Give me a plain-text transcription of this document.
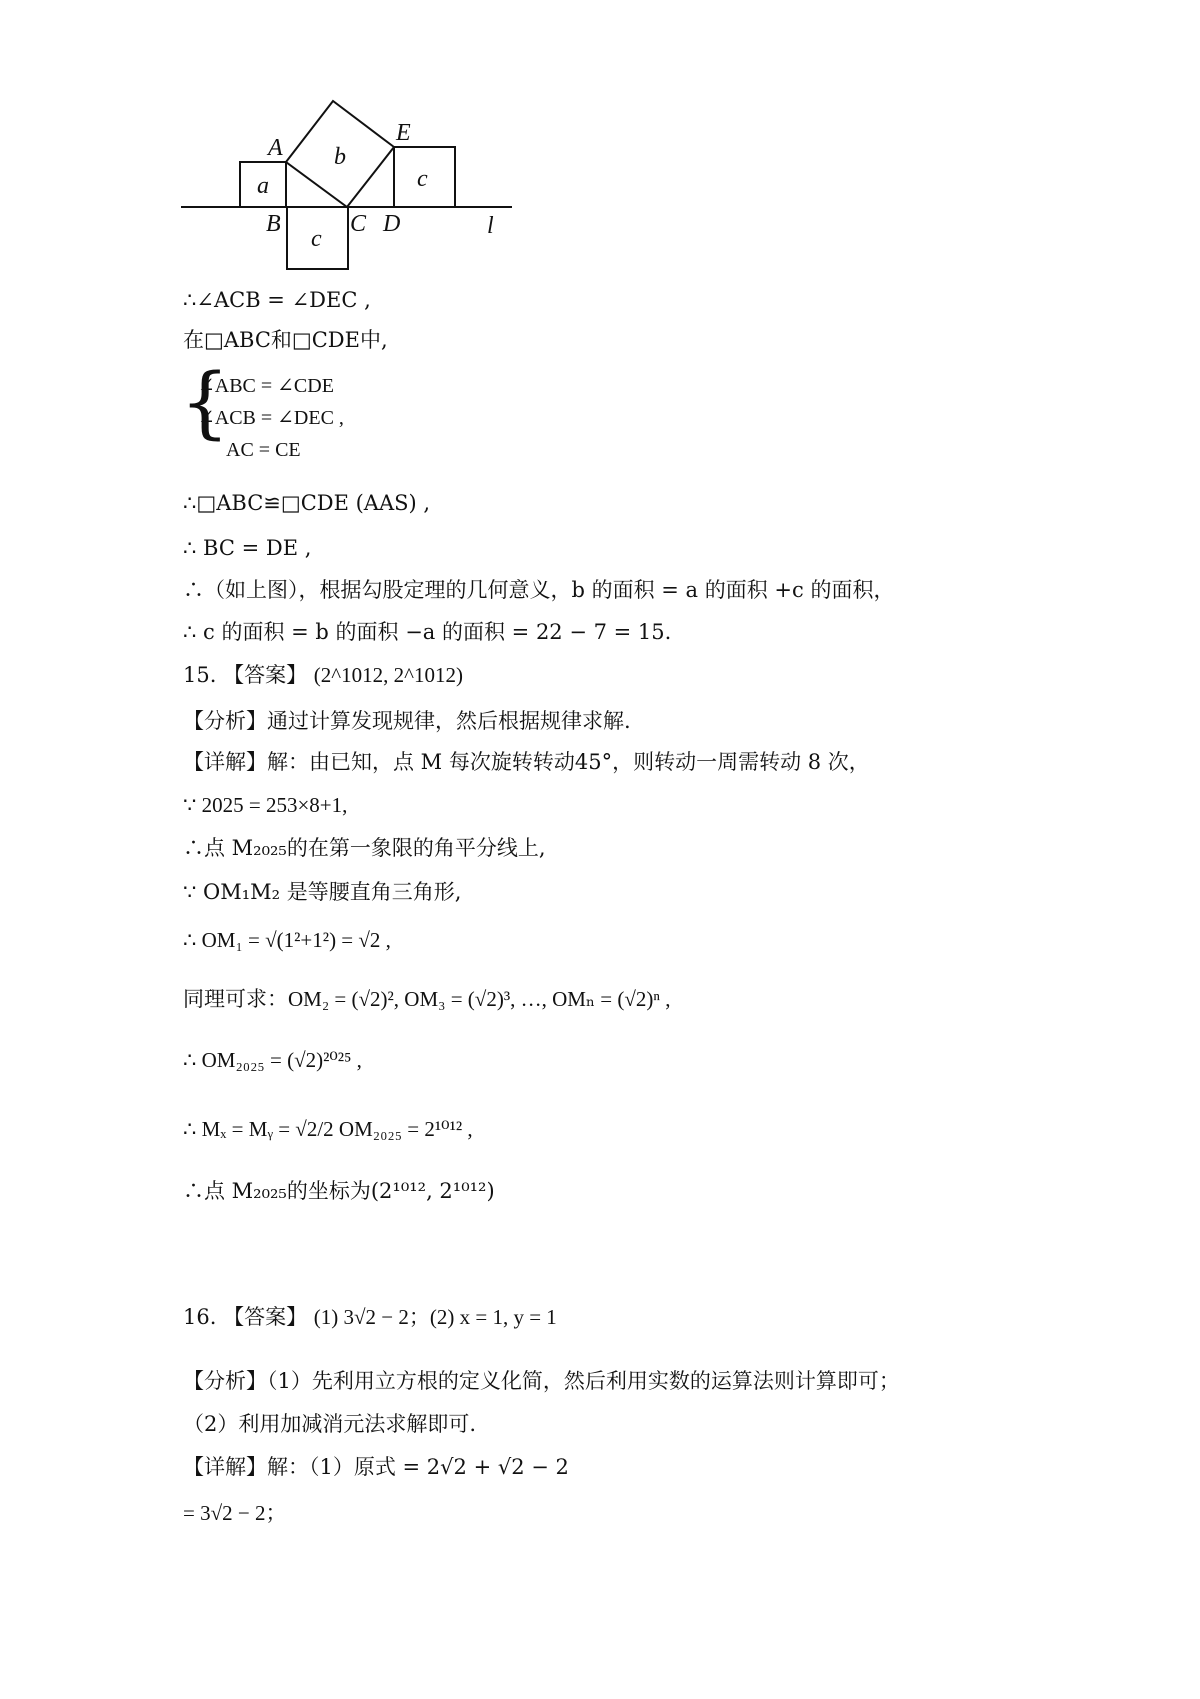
A
E
B	C D	l
a
b
c
c
∴∠ACB = ∠DEC ,
在□ABC和□CDE中,
{
∠ABC = ∠CDE
∠ACB = ∠DEC ,
AC = CE
∴□ABC≌□CDE (AAS) ,
∴ BC = DE ,
∴（如上图），根据勾股定理的几何意义，b 的面积 = a 的面积 +c 的面积，
∴ c 的面积 = b 的面积 −a 的面积 = 22 − 7 = 15.
15. 【答案】 (2^1012, 2^1012)
【分析】通过计算发现规律，然后根据规律求解.
【详解】解：由已知，点 M 每次旋转转动45°，则转动一周需转动 8 次，
∵ 2025 = 253×8+1,
∴点 M₂₀₂₅的在第一象限的角平分线上,
∵ OM₁M₂ 是等腰直角三角形,
∴ OM₁ = √(1²+1²) = √2 ,
同理可求：OM₂ = (√2)², OM₃ = (√2)³, …, OMₙ = (√2)ⁿ ,
∴ OM₂₀₂₅ = (√2)²⁰²⁵ ,
∴ Mₓ = Mᵧ = √2/2 OM₂₀₂₅ = 2¹⁰¹² ,
∴点 M₂₀₂₅的坐标为(2¹⁰¹², 2¹⁰¹²)
16. 【答案】 (1) 3√2 − 2；(2) x = 1, y = 1
【分析】（1）先利用立方根的定义化简，然后利用实数的运算法则计算即可；
（2）利用加减消元法求解即可.
【详解】解：（1）原式 = 2√2 + √2 − 2
= 3√2 − 2；
